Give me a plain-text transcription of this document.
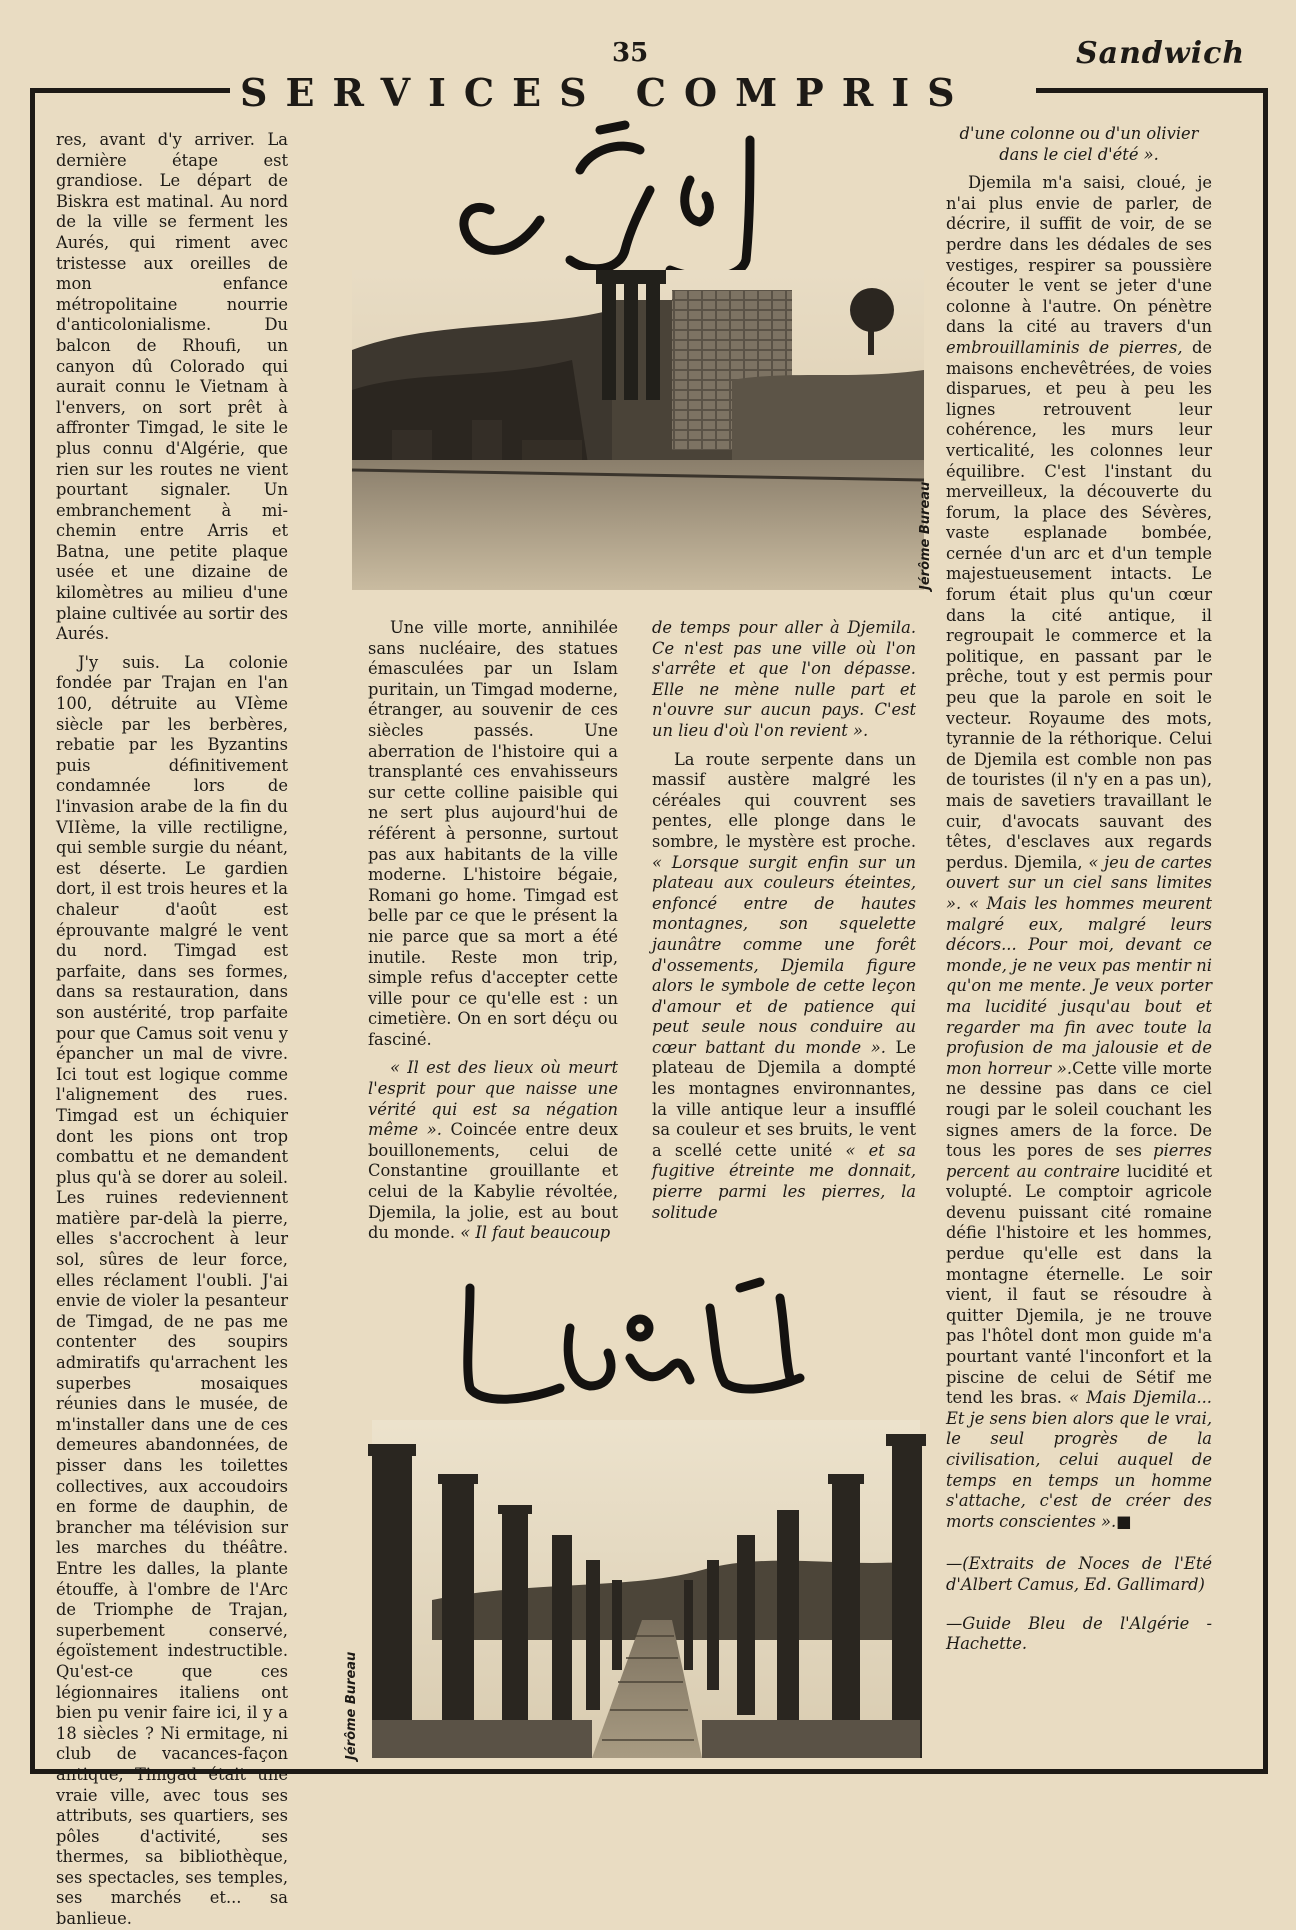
35	Sandwich
SERVICES COMPRIS

res, avant d'y arriver. La dernière étape est grandiose. Le départ de Biskra est matinal. Au nord de la ville se ferment les Aurés, qui riment avec tristesse aux oreilles de mon enfance métropolitaine nourrie d'anticolonialisme. Du balcon de Rhoufi, un canyon dû Colorado qui aurait connu le Vietnam à l'envers, on sort prêt à affronter Timgad, le site le plus connu d'Algérie, que rien sur les routes ne vient pourtant signaler. Un embranchement à mi-chemin entre Arris et Batna, une petite plaque usée et une dizaine de kilomètres au milieu d'une plaine cultivée au sortir des Aurés.

J'y suis. La colonie fondée par Trajan en l'an 100, détruite au VIème siècle par les berbères, rebatie par les Byzantins puis définitivement condamnée lors de l'invasion arabe de la fin du VIIème, la ville rectiligne, qui semble surgie du néant, est déserte. Le gardien dort, il est trois heures et la chaleur d'août est éprouvante malgré le vent du nord. Timgad est parfaite, dans ses formes, dans sa restauration, dans son austérité, trop parfaite pour que Camus soit venu y épancher un mal de vivre. Ici tout est logique comme l'alignement des rues. Timgad est un échiquier dont les pions ont trop combattu et ne demandent plus qu'à se dorer au soleil. Les ruines redeviennent matière par-delà la pierre, elles s'accrochent à leur sol, sûres de leur force, elles réclament l'oubli. J'ai envie de violer la pesanteur de Timgad, de ne pas me contenter des soupirs admiratifs qu'arrachent les superbes mosaiques réunies dans le musée, de m'installer dans une de ces demeures abandonnées, de pisser dans les toilettes collectives, aux accoudoirs en forme de dauphin, de brancher ma télévision sur les marches du théâtre. Entre les dalles, la plante étouffe, à l'ombre de l'Arc de Triomphe de Trajan, superbement conservé, égoïstement indestructible. Qu'est-ce que ces légionnaires italiens ont bien pu venir faire ici, il y a 18 siècles ? Ni ermitage, ni club de vacances-façon antique, Timgad était une vraie ville, avec tous ses attributs, ses quartiers, ses pôles d'activité, ses thermes, sa bibliothèque, ses spectacles, ses temples, ses marchés et... sa banlieue.

Jérôme Bureau

Une ville morte, annihilée sans nucléaire, des statues émasculées par un Islam puritain, un Timgad moderne, étranger, au souvenir de ces siècles passés. Une aberration de l'histoire qui a transplanté ces envahisseurs sur cette colline paisible qui ne sert plus aujourd'hui de référent à personne, surtout pas aux habitants de la ville moderne. L'histoire bégaie, Romani go home. Timgad est belle par ce que le présent la nie parce que sa mort a été inutile. Reste mon trip, simple refus d'accepter cette ville pour ce qu'elle est : un cimetière. On en sort déçu ou fasciné.

« Il est des lieux où meurt l'esprit pour que naisse une vérité qui est sa négation même ». Coincée entre deux bouillonements, celui de Constantine grouillante et celui de la Kabylie révoltée, Djemila, la jolie, est au bout du monde. « Il faut beaucoup

de temps pour aller à Djemila. Ce n'est pas une ville où l'on s'arrête et que l'on dépasse. Elle ne mène nulle part et n'ouvre sur aucun pays. C'est un lieu d'où l'on revient ».

La route serpente dans un massif austère malgré les céréales qui couvrent ses pentes, elle plonge dans le sombre, le mystère est proche. « Lorsque surgit enfin sur un plateau aux couleurs éteintes, enfoncé entre de hautes montagnes, son squelette jaunâtre comme une forêt d'ossements, Djemila figure alors le symbole de cette leçon d'amour et de patience qui peut seule nous conduire au cœur battant du monde ». Le plateau de Djemila a dompté les montagnes environnantes, la ville antique leur a insufflé sa couleur et ses bruits, le vent a scellé cette unité « et sa fugitive étreinte me donnait, pierre parmi les pierres, la solitude

Jérôme Bureau

d'une colonne ou d'un olivier dans le ciel d'été ».

Djemila m'a saisi, cloué, je n'ai plus envie de parler, de décrire, il suffit de voir, de se perdre dans les dédales de ses vestiges, respirer sa poussière écouter le vent se jeter d'une colonne à l'autre. On pénètre dans la cité au travers d'un embrouillaminis de pierres, de maisons enchevêtrées, de voies disparues, et peu à peu les lignes retrouvent leur cohérence, les murs leur verticalité, les colonnes leur équilibre. C'est l'instant du merveilleux, la découverte du forum, la place des Sévères, vaste esplanade bombée, cernée d'un arc et d'un temple majestueusement intacts. Le forum était plus qu'un cœur dans la cité antique, il regroupait le commerce et la politique, en passant par le prêche, tout y est permis pour peu que la parole en soit le vecteur. Royaume des mots, tyrannie de la réthorique. Celui de Djemila est comble non pas de touristes (il n'y en a pas un), mais de savetiers travaillant le cuir, d'avocats sauvant des têtes, d'esclaves aux regards perdus. Djemila, « jeu de cartes ouvert sur un ciel sans limites ». « Mais les hommes meurent malgré eux, malgré leurs décors... Pour moi, devant ce monde, je ne veux pas mentir ni qu'on me mente. Je veux porter ma lucidité jusqu'au bout et regarder ma fin avec toute la profusion de ma jalousie et de mon horreur ».Cette ville morte ne dessine pas dans ce ciel rougi par le soleil couchant les signes amers de la force. De tous les pores de ses pierres percent au contraire lucidité et volupté. Le comptoir agricole devenu puissant cité romaine défie l'histoire et les hommes, perdue qu'elle est dans la montagne éternelle. Le soir vient, il faut se résoudre à quitter Djemila, je ne trouve pas l'hôtel dont mon guide m'a pourtant vanté l'inconfort et la piscine de celui de Sétif me tend les bras. « Mais Djemila... Et je sens bien alors que le vrai, le seul progrès de la civilisation, celui auquel de temps en temps un homme s'attache, c'est de créer des morts conscientes ».■

—(Extraits de Noces de l'Eté d'Albert Camus, Ed. Gallimard)

—Guide Bleu de l'Algérie - Hachette.
